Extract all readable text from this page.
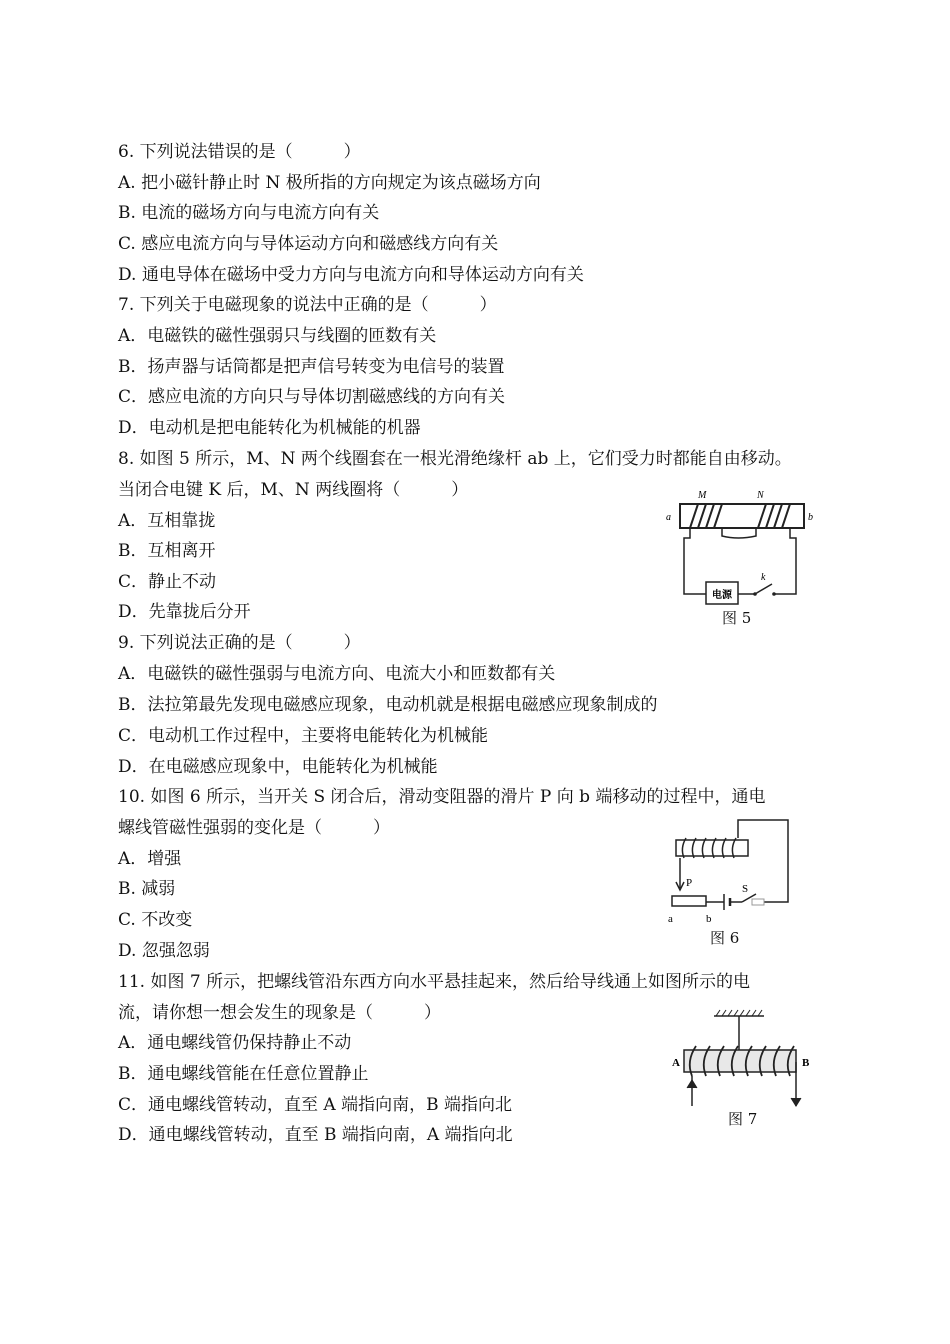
6. 下列说法错误的是（　　　）
A. 把小磁针静止时 N 极所指的方向规定为该点磁场方向
B. 电流的磁场方向与电流方向有关
C. 感应电流方向与导体运动方向和磁感线方向有关
D. 通电导体在磁场中受力方向与电流方向和导体运动方向有关
7. 下列关于电磁现象的说法中正确的是（　　　）
A．电磁铁的磁性强弱只与线圈的匝数有关
B．扬声器与话筒都是把声信号转变为电信号的装置
C．感应电流的方向只与导体切割磁感线的方向有关
D．电动机是把电能转化为机械能的机器
8. 如图 5 所示，M、N 两个线圈套在一根光滑绝缘杆 ab 上，它们受力时都能自由移动。
当闭合电键 K 后，M、N 两线圈将（　　　）
A．互相靠拢
B．互相离开
C．静止不动
D．先靠拢后分开
a	b
M	N
电源
k
图 5
9. 下列说法正确的是（　　　）
A．电磁铁的磁性强弱与电流方向、电流大小和匝数都有关
B．法拉第最先发现电磁感应现象，电动机就是根据电磁感应现象制成的
C．电动机工作过程中，主要将电能转化为机械能
D．在电磁感应现象中，电能转化为机械能
10. 如图 6 所示，当开关 S 闭合后，滑动变阻器的滑片 P 向 b 端移动的过程中，通电
螺线管磁性强弱的变化是（　　　）
A．增强
B. 减弱
C. 不改变
D. 忽强忽弱
P
a	b
S
图 6
11. 如图 7 所示，把螺线管沿东西方向水平悬挂起来，然后给导线通上如图所示的电
流，请你想一想会发生的现象是（　　　）
A．通电螺线管仍保持静止不动
B．通电螺线管能在任意位置静止
C．通电螺线管转动，直至 A 端指向南，B 端指向北
D．通电螺线管转动，直至 B 端指向南，A 端指向北
A	B
图 7
